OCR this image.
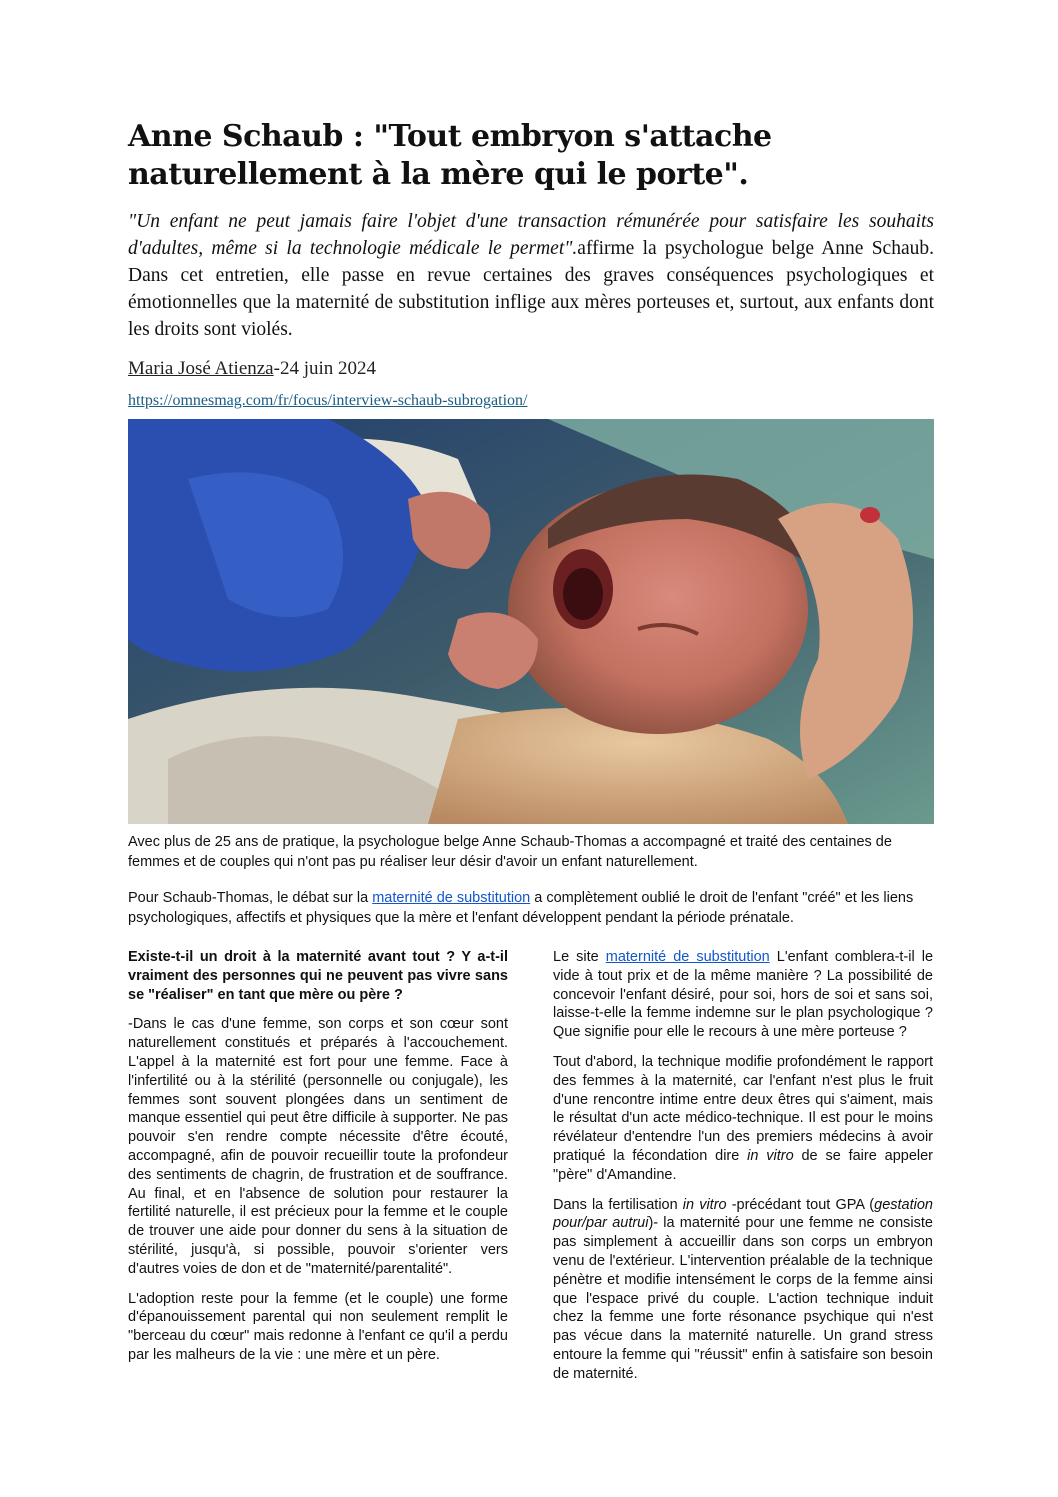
Anne Schaub : "Tout embryon s'attache naturellement à la mère qui le porte".

"Un enfant ne peut jamais faire l'objet d'une transaction rémunérée pour satisfaire les souhaits d'adultes, même si la technologie médicale le permet".affirme la psychologue belge Anne Schaub. Dans cet entretien, elle passe en revue certaines des graves conséquences psychologiques et émotionnelles que la maternité de substitution inflige aux mères porteuses et, surtout, aux enfants dont les droits sont violés.

Maria José Atienza-24 juin 2024
https://omnesmag.com/fr/focus/interview-schaub-subrogation/
Avec plus de 25 ans de pratique, la psychologue belge Anne Schaub-Thomas a accompagné et traité des centaines de femmes et de couples qui n'ont pas pu réaliser leur désir d'avoir un enfant naturellement.
Pour Schaub-Thomas, le débat sur la maternité de substitution a complètement oublié le droit de l'enfant "créé" et les liens psychologiques, affectifs et physiques que la mère et l'enfant développent pendant la période prénatale.

Existe-t-il un droit à la maternité avant tout ? Y a-t-il vraiment des personnes qui ne peuvent pas vivre sans se "réaliser" en tant que mère ou père ?

-Dans le cas d'une femme, son corps et son cœur sont naturellement constitués et préparés à l'accouchement. L'appel à la maternité est fort pour une femme. Face à l'infertilité ou à la stérilité (personnelle ou conjugale), les femmes sont souvent plongées dans un sentiment de manque essentiel qui peut être difficile à supporter. Ne pas pouvoir s'en rendre compte nécessite d'être écouté, accompagné, afin de pouvoir recueillir toute la profondeur des sentiments de chagrin, de frustration et de souffrance. Au final, et en l'absence de solution pour restaurer la fertilité naturelle, il est précieux pour la femme et le couple de trouver une aide pour donner du sens à la situation de stérilité, jusqu'à, si possible, pouvoir s'orienter vers d'autres voies de don et de "maternité/parentalité".

L'adoption reste pour la femme (et le couple) une forme d'épanouissement parental qui non seulement remplit le "berceau du cœur" mais redonne à l'enfant ce qu'il a perdu par les malheurs de la vie : une mère et un père.

Le site maternité de substitution L'enfant comblera-t-il le vide à tout prix et de la même manière ? La possibilité de concevoir l'enfant désiré, pour soi, hors de soi et sans soi, laisse-t-elle la femme indemne sur le plan psychologique ? Que signifie pour elle le recours à une mère porteuse ?

Tout d'abord, la technique modifie profondément le rapport des femmes à la maternité, car l'enfant n'est plus le fruit d'une rencontre intime entre deux êtres qui s'aiment, mais le résultat d'un acte médico-technique. Il est pour le moins révélateur d'entendre l'un des premiers médecins à avoir pratiqué la fécondation dire in vitro de se faire appeler "père" d'Amandine.

Dans la fertilisation in vitro -précédant tout GPA (gestation pour/par autrui)- la maternité pour une femme ne consiste pas simplement à accueillir dans son corps un embryon venu de l'extérieur. L'intervention préalable de la technique pénètre et modifie intensément le corps de la femme ainsi que l'espace privé du couple. L'action technique induit chez la femme une forte résonance psychique qui n'est pas vécue dans la maternité naturelle. Un grand stress entoure la femme qui "réussit" enfin à satisfaire son besoin de maternité.
